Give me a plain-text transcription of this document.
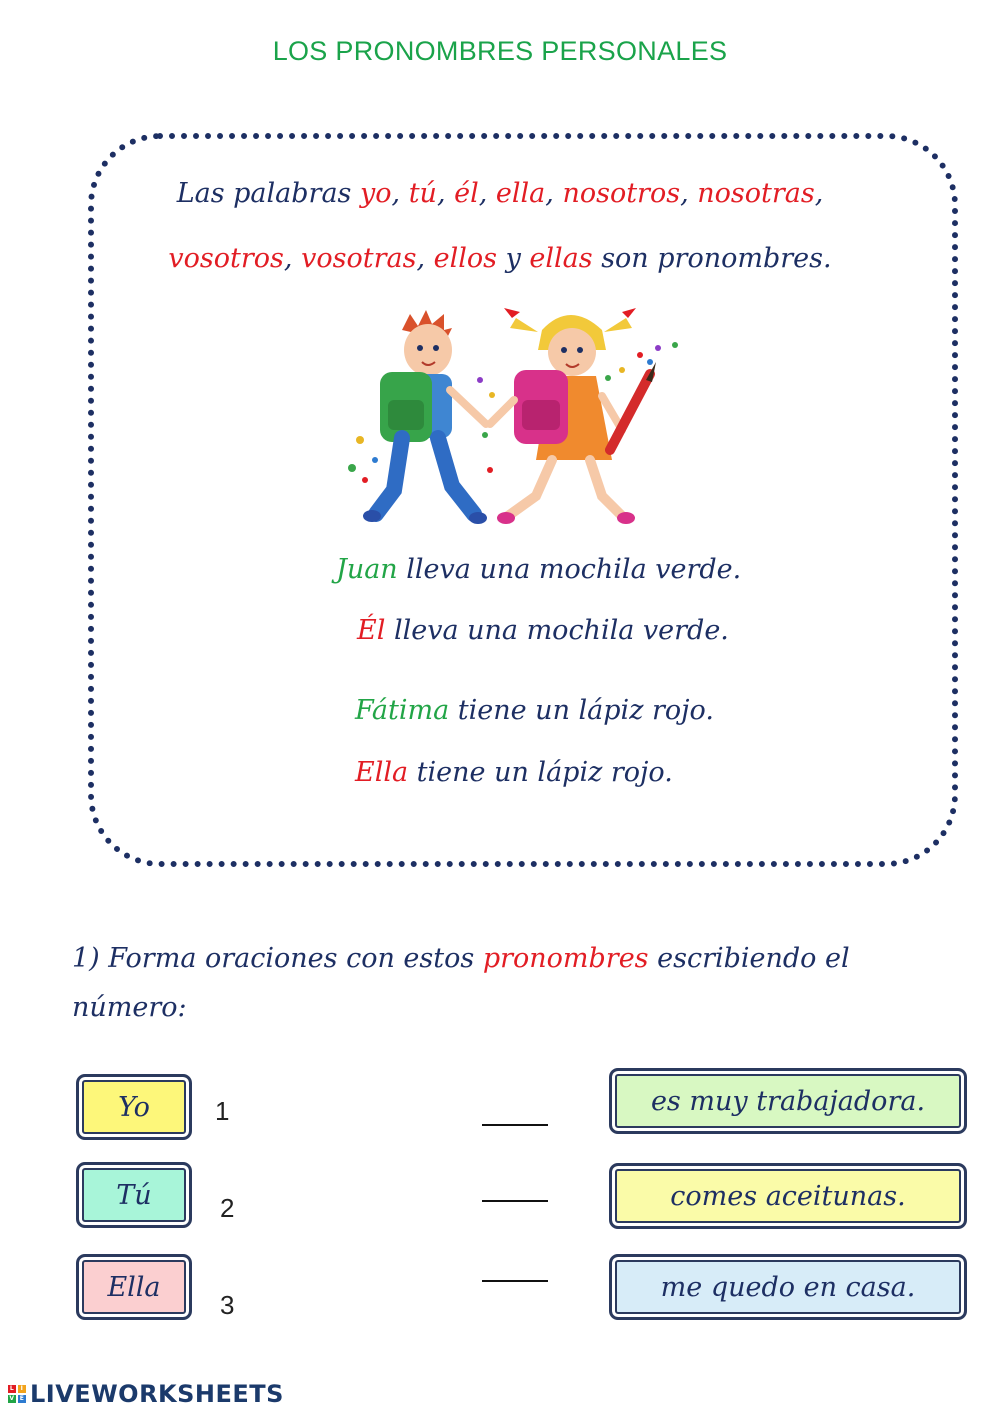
LOS PRONOMBRES PERSONALES
Las palabras yo, tú, él, ella, nosotros, nosotras,
vosotros, vosotras, ellos y ellas son pronombres.
Juan lleva una mochila verde.
Él lleva una mochila verde.
Fátima tiene un lápiz rojo.
Ella tiene un lápiz rojo.
1) Forma oraciones con estos pronombres escribiendo el
número:
Yo
Tú
Ella
1
2
3
es muy trabajadora.
comes aceitunas.
me quedo en casa.
L	I
V E LIVEWORKSHEETS
